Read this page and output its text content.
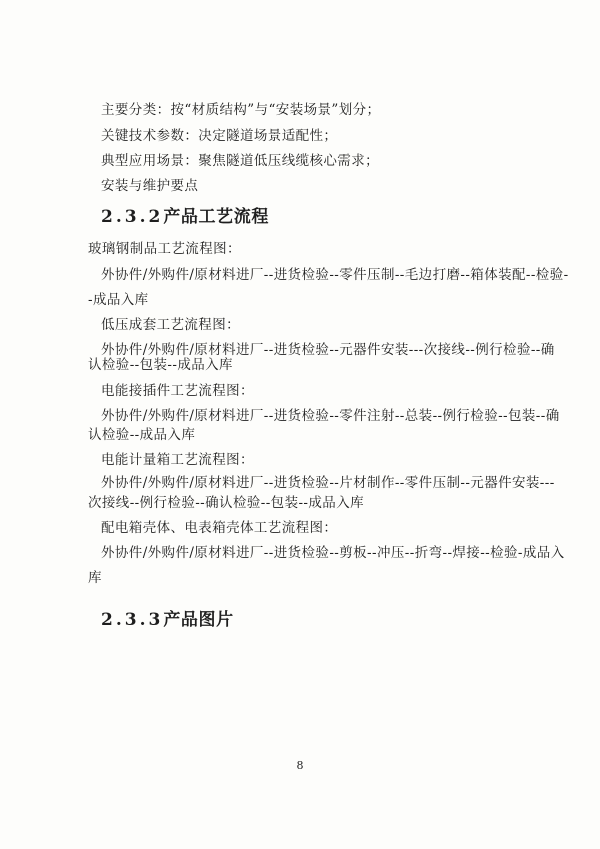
主要分类：按“材质结构”与“安装场景”划分；
关键技术参数：决定隧道场景适配性；
典型应用场景：聚焦隧道低压线缆核心需求；
安装与维护要点
2.3.2产品工艺流程
玻璃钢制品工艺流程图：
外协件/外购件/原材料进厂--进货检验--零件压制--毛边打磨--箱体装配--检验-
-成品入库
低压成套工艺流程图：
外协件/外购件/原材料进厂--进货检验--元器件安装---次接线--例行检验--确
认检验--包装--成品入库
电能接插件工艺流程图：
外协件/外购件/原材料进厂--进货检验--零件注射--总装--例行检验--包装--确
认检验--成品入库
电能计量箱工艺流程图：
外协件/外购件/原材料进厂--进货检验--片材制作--零件压制--元器件安装---
次接线--例行检验--确认检验--包装--成品入库
配电箱壳体、电表箱壳体工艺流程图：
外协件/外购件/原材料进厂--进货检验--剪板--冲压--折弯--焊接--检验-成品入
库
2.3.3产品图片
8
